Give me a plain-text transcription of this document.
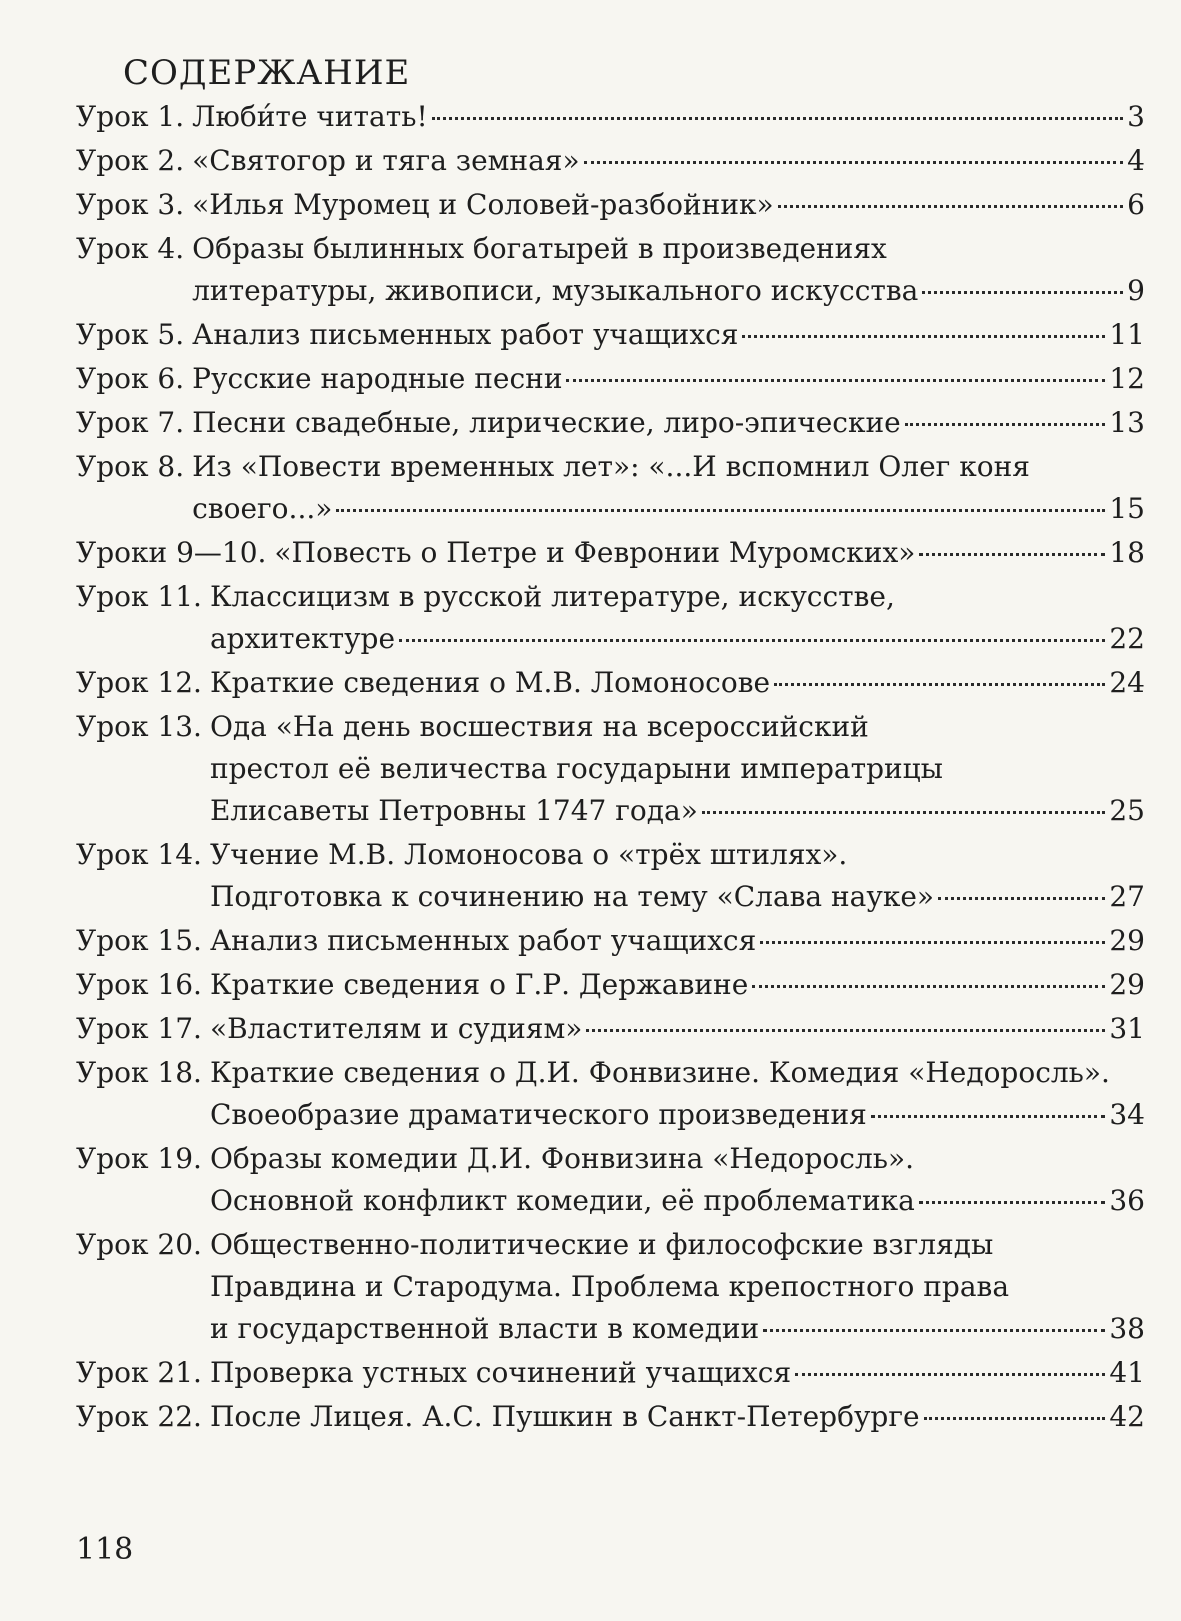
СОДЕРЖАНИЕ
Урок 1. Люби́те читать!	3
Урок 2. «Святогор и тяга земная»	4
Урок 3. «Илья Муромец и Соловей-разбойник»	6
Урок 4. Образы былинных богатырей в произведениях
литературы, живописи, музыкального искусства	9
Урок 5. Анализ письменных работ учащихся	11
Урок 6. Русские народные песни	12
Урок 7. Песни свадебные, лирические, лиро-эпические	13
Урок 8. Из «Повести временных лет»: «...И вспомнил Олег коня
своего...»	15
Уроки 9—10. «Повесть о Петре и Февронии Муромских»	18
Урок 11. Классицизм в русской литературе, искусстве,
архитектуре	22
Урок 12. Краткие сведения о М.В. Ломоносове	24
Урок 13. Ода «На день восшествия на всероссийский
престол её величества государыни императрицы
Елисаветы Петровны 1747 года»	25
Урок 14. Учение М.В. Ломоносова о «трёх штилях».
Подготовка к сочинению на тему «Слава науке»	27
Урок 15. Анализ письменных работ учащихся	29
Урок 16. Краткие сведения о Г.Р. Державине	29
Урок 17. «Властителям и судиям»	31
Урок 18. Краткие сведения о Д.И. Фонвизине. Комедия «Недоросль».
Своеобразие драматического произведения	34
Урок 19. Образы комедии Д.И. Фонвизина «Недоросль».
Основной конфликт комедии, её проблематика	36
Урок 20. Общественно-политические и философские взгляды
Правдина и Стародума. Проблема крепостного права
и государственной власти в комедии	38
Урок 21. Проверка устных сочинений учащихся	41
Урок 22. После Лицея. А.С. Пушкин в Санкт-Петербурге	42
118
